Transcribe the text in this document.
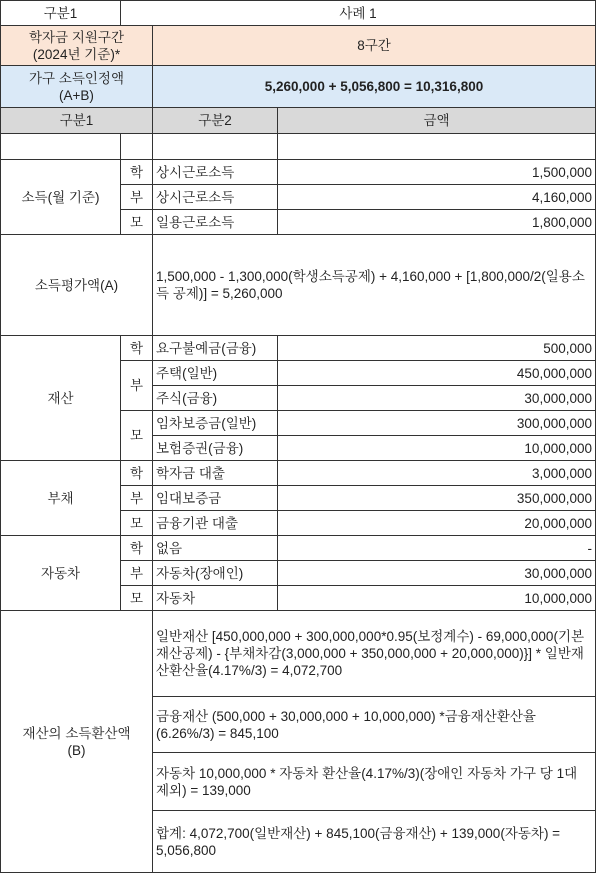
구분1	사례 1		
학자금 지원구간
(2024년 기준)*		8구간	
가구 소득인정액
(A+B)		5,260,000 + 5,056,800 = 10,316,800	
구분1		구분2	금액

소득(월 기준)	학	상시근로소득	1,500,000
	부	상시근로소득	4,160,000
	모	일용근로소득	1,800,000
소득평가액(A)		1,500,000 - 1,300,000(학생소득공제) + 4,160,000 + [1,800,000/2(일용소득 공제)] = 5,260,000	
재산	학	요구불예금(금융)	500,000
	부	주택(일반)	450,000,000
		주식(금융)	30,000,000
	모	임차보증금(일반)	300,000,000
		보험증권(금융)	10,000,000
부채	학	학자금 대출	3,000,000
	부	임대보증금	350,000,000
	모	금융기관 대출	20,000,000
자동차	학	없음	-
	부	자동차(장애인)	30,000,000
	모	자동차	10,000,000
재산의 소득환산액
(B)		일반재산 [450,000,000 + 300,000,000*0.95(보정계수) - 69,000,000(기본재산공제) - {부채차감(3,000,000 + 350,000,000 + 20,000,000)}] * 일반재산환산율(4.17%/3) = 4,072,700	
		금융재산 (500,000 + 30,000,000 + 10,000,000) *금융재산환산율(6.26%/3) = 845,100	
		자동차 10,000,000 * 자동차 환산율(4.17%/3)(장애인 자동차 가구 당 1대 제외) = 139,000	
		합계: 4,072,700(일반재산) + 845,100(금융재산) + 139,000(자동차) = 5,056,800	
